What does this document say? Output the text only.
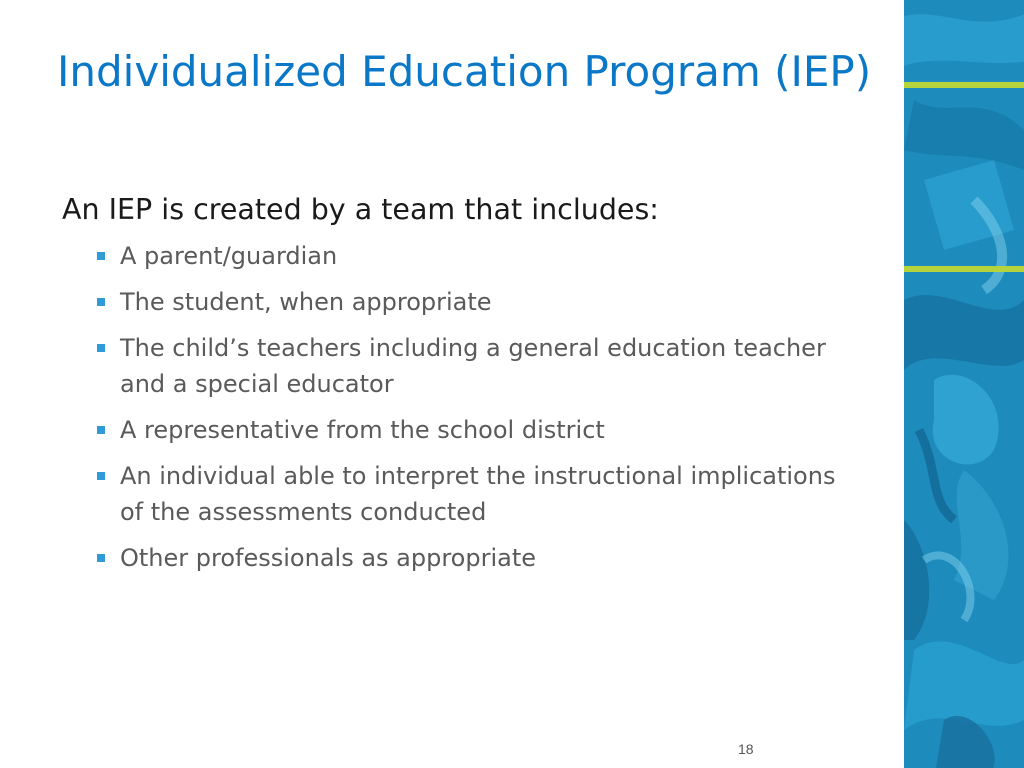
Individualized Education Program (IEP)

An IEP is created by a team that includes:

A parent/guardian
The student, when appropriate
The child’s teachers including a general education teacher and a special educator
A representative from the school district
An individual able to interpret the instructional implications of the assessments conducted
Other professionals as appropriate
18
